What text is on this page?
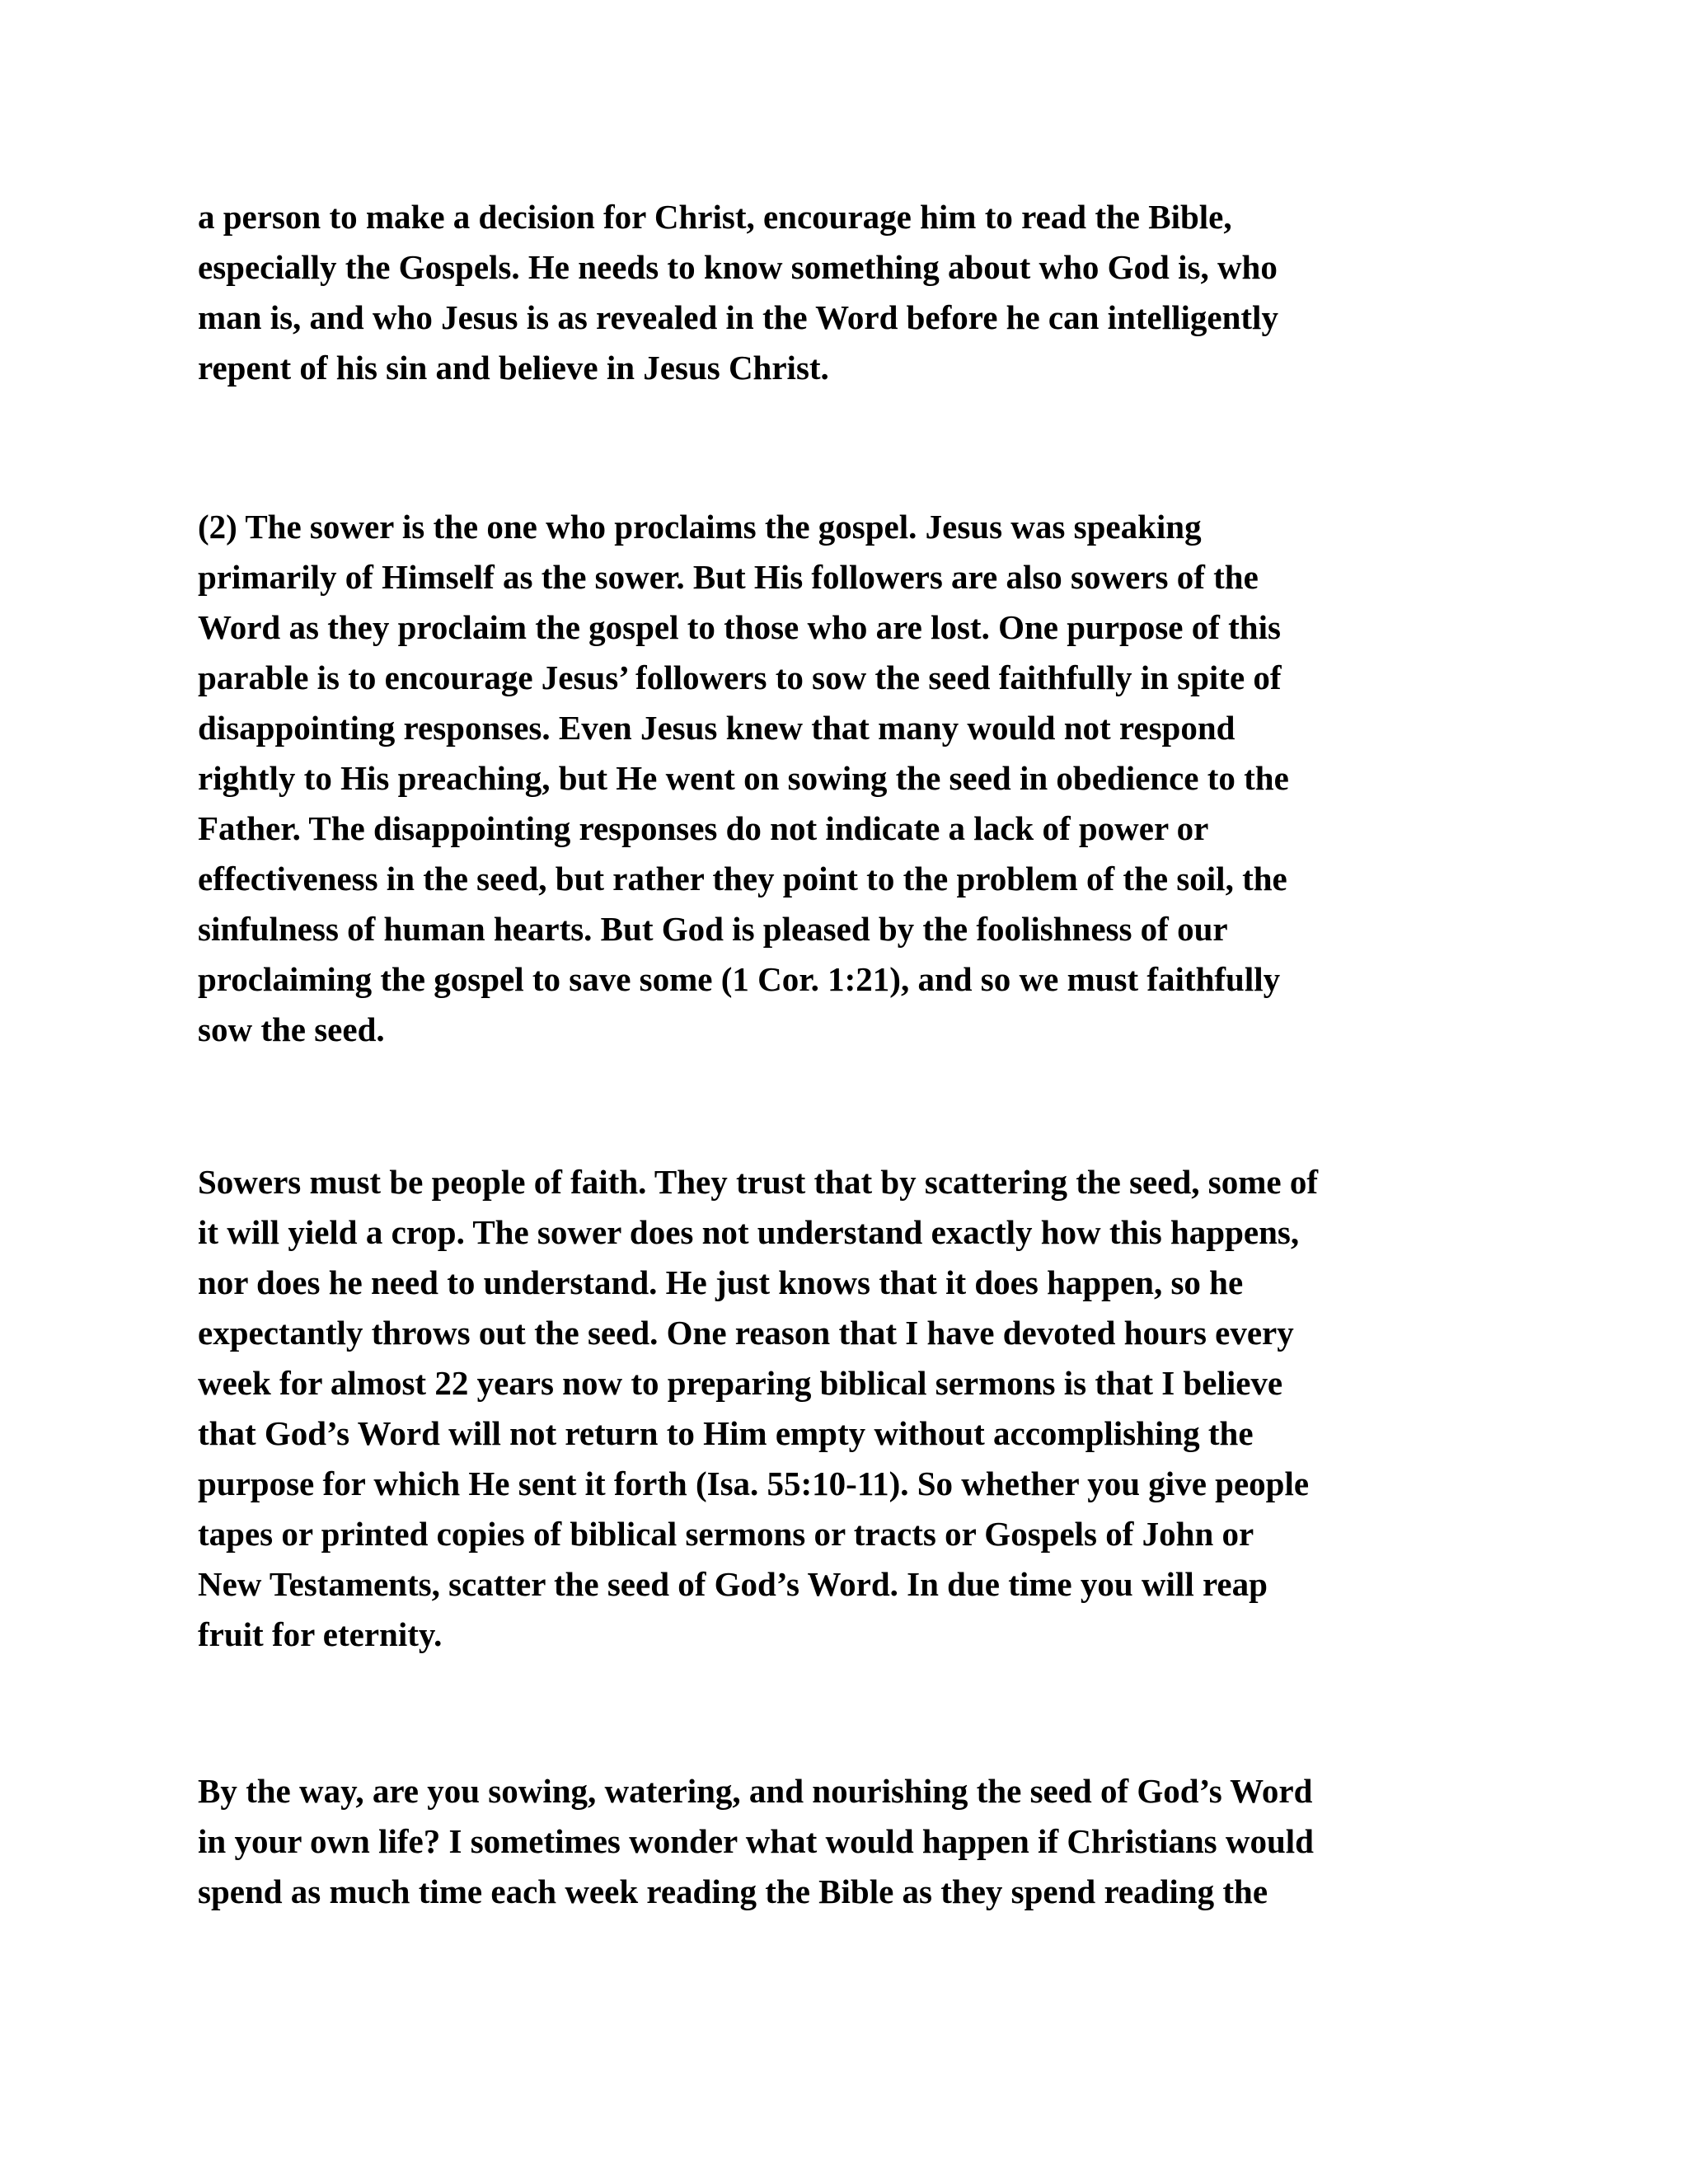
a person to make a decision for Christ, encourage him to read the Bible,
especially the Gospels. He needs to know something about who God is, who
man is, and who Jesus is as revealed in the Word before he can intelligently
repent of his sin and believe in Jesus Christ.
(2) The sower is the one who proclaims the gospel. Jesus was speaking
primarily of Himself as the sower. But His followers are also sowers of the
Word as they proclaim the gospel to those who are lost. One purpose of this
parable is to encourage Jesus’ followers to sow the seed faithfully in spite of
disappointing responses. Even Jesus knew that many would not respond
rightly to His preaching, but He went on sowing the seed in obedience to the
Father. The disappointing responses do not indicate a lack of power or
effectiveness in the seed, but rather they point to the problem of the soil, the
sinfulness of human hearts. But God is pleased by the foolishness of our
proclaiming the gospel to save some (1 Cor. 1:21), and so we must faithfully
sow the seed.
Sowers must be people of faith. They trust that by scattering the seed, some of
it will yield a crop. The sower does not understand exactly how this happens,
nor does he need to understand. He just knows that it does happen, so he
expectantly throws out the seed. One reason that I have devoted hours every
week for almost 22 years now to preparing biblical sermons is that I believe
that God’s Word will not return to Him empty without accomplishing the
purpose for which He sent it forth (Isa. 55:10-11). So whether you give people
tapes or printed copies of biblical sermons or tracts or Gospels of John or
New Testaments, scatter the seed of God’s Word. In due time you will reap
fruit for eternity.
By the way, are you sowing, watering, and nourishing the seed of God’s Word
in your own life? I sometimes wonder what would happen if Christians would
spend as much time each week reading the Bible as they spend reading the
